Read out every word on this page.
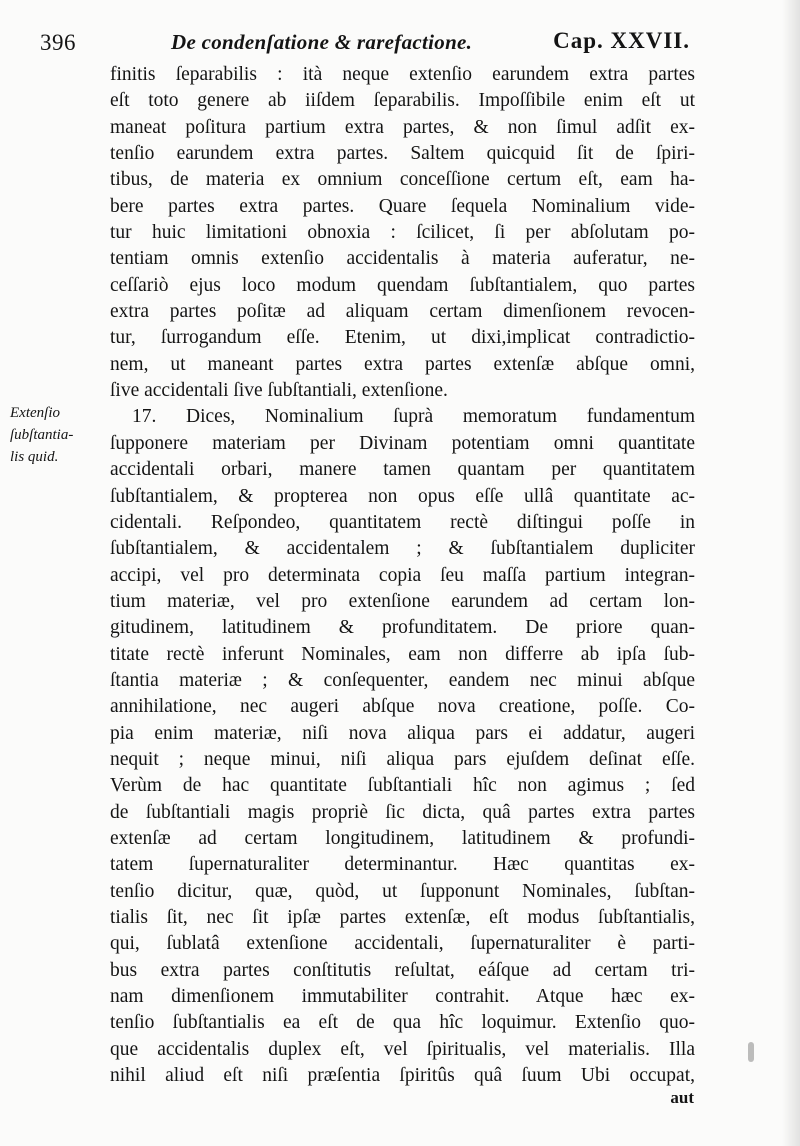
396	De condenſatione & rarefactione.	Cap. XXVII.
Extenſio
ſubſtantia-
lis quid.
finitis ſeparabilis : ità neque extenſio earundem extra partes
eſt toto genere ab iiſdem ſeparabilis. Impoſſibile enim eſt ut
maneat poſitura partium extra partes, & non ſimul adſit ex-
tenſio earundem extra partes. Saltem quicquid ſit de ſpiri-
tibus, de materia ex omnium conceſſione certum eſt, eam ha-
bere partes extra partes. Quare ſequela Nominalium vide-
tur huic limitationi obnoxia : ſcilicet, ſi per abſolutam po-
tentiam omnis extenſio accidentalis à materia auferatur, ne-
ceſſariò ejus loco modum quendam ſubſtantialem, quo partes
extra partes poſitæ ad aliquam certam dimenſionem revocen-
tur, ſurrogandum eſſe. Etenim, ut dixi,implicat contradictio-
nem, ut maneant partes extra partes extenſæ abſque omni,
ſive accidentali ſive ſubſtantiali, extenſione.
17. Dices, Nominalium ſuprà memoratum fundamentum
ſupponere materiam per Divinam potentiam omni quantitate
accidentali orbari, manere tamen quantam per quantitatem
ſubſtantialem, & propterea non opus eſſe ullâ quantitate ac-
cidentali. Reſpondeo, quantitatem rectè diſtingui poſſe in
ſubſtantialem, & accidentalem ; & ſubſtantialem dupliciter
accipi, vel pro determinata copia ſeu maſſa partium integran-
tium materiæ, vel pro extenſione earundem ad certam lon-
gitudinem, latitudinem & profunditatem. De priore quan-
titate rectè inferunt Nominales, eam non differre ab ipſa ſub-
ſtantia materiæ ; & conſequenter, eandem nec minui abſque
annihilatione, nec augeri abſque nova creatione, poſſe. Co-
pia enim materiæ, niſi nova aliqua pars ei addatur, augeri
nequit ; neque minui, niſi aliqua pars ejuſdem deſinat eſſe.
Verùm de hac quantitate ſubſtantiali hîc non agimus ; ſed
de ſubſtantiali magis propriè ſic dicta, quâ partes extra partes
extenſæ ad certam longitudinem, latitudinem & profundi-
tatem ſupernaturaliter determinantur. Hæc quantitas ex-
tenſio dicitur, quæ, quòd, ut ſupponunt Nominales, ſubſtan-
tialis ſit, nec ſit ipſæ partes extenſæ, eſt modus ſubſtantialis,
qui, ſublatâ extenſione accidentali, ſupernaturaliter è parti-
bus extra partes conſtitutis reſultat, eáſque ad certam tri-
nam dimenſionem immutabiliter contrahit. Atque hæc ex-
tenſio ſubſtantialis ea eſt de qua hîc loquimur. Extenſio quo-
que accidentalis duplex eſt, vel ſpiritualis, vel materialis. Illa
nihil aliud eſt niſi præſentia ſpiritûs quâ ſuum Ubi occupat,
aut
